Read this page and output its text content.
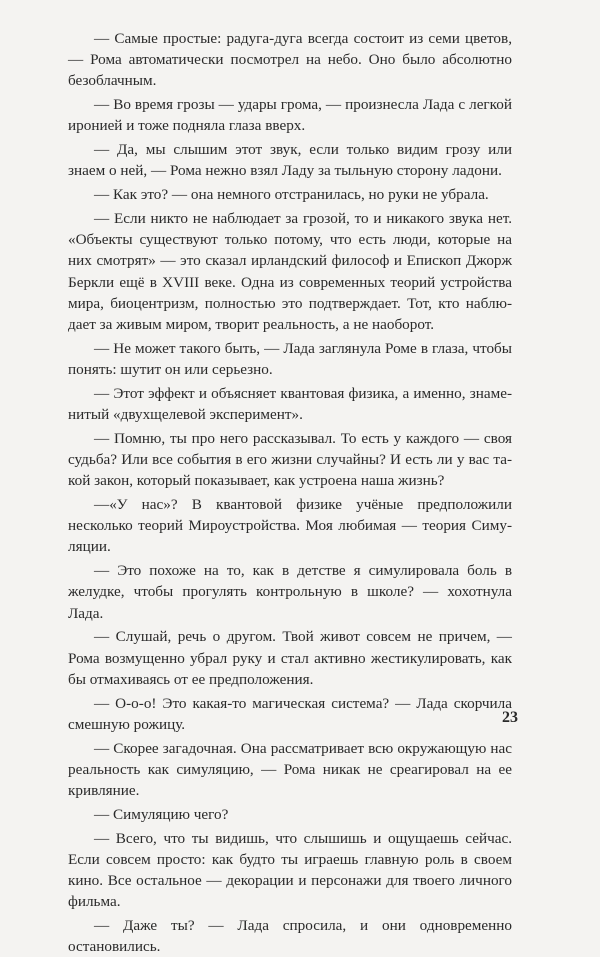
— Самые простые: радуга-дуга всегда состоит из семи цветов, — Рома автоматически посмотрел на небо. Оно было абсолютно безоблачным.

— Во время грозы — удары грома, — произнесла Лада с легкой иронией и тоже подняла глаза вверх.

— Да, мы слышим этот звук, если только видим грозу или знаем о ней, — Рома нежно взял Ладу за тыльную сторону ладони.

— Как это? — она немного отстранилась, но руки не убрала.

— Если никто не наблюдает за грозой, то и никакого звука нет. «Объекты существуют только потому, что есть люди, которые на них смотрят» — это сказал ирландский философ и Епископ Джорж Беркли ещё в XVIII веке. Одна из современных теорий устройства мира, биоцентризм, полностью это подтверждает. Тот, кто наблюдает за живым миром, творит реальность, а не наоборот.

— Не может такого быть, — Лада заглянула Роме в глаза, чтобы понять: шутит он или серьезно.

— Этот эффект и объясняет квантовая физика, а именно, знаменитый «двухщелевой эксперимент».

— Помню, ты про него рассказывал. То есть у каждого — своя судьба? Или все события в его жизни случайны? И есть ли у вас такой закон, который показывает, как устроена наша жизнь?

—«У нас»? В квантовой физике учёные предположили несколько теорий Мироустройства. Моя любимая — теория Симуляции.

— Это похоже на то, как в детстве я симулировала боль в желудке, чтобы прогулять контрольную в школе? — хохотнула Лада.

— Слушай, речь о другом. Твой живот совсем не причем, — Рома возмущенно убрал руку и стал активно жестикулировать, как бы отмахиваясь от ее предположения.

— О-о-о! Это какая-то магическая система? — Лада скорчила смешную рожицу.

— Скорее загадочная. Она рассматривает всю окружающую нас реальность как симуляцию, — Рома никак не среагировал на ее кривляние.

— Симуляцию чего?

— Всего, что ты видишь, что слышишь и ощущаешь сейчас. Если совсем просто: как будто ты играешь главную роль в своем кино. Все остальное — декорации и персонажи для твоего личного фильма.

— Даже ты? — Лада спросила, и они одновременно остановились.

23
